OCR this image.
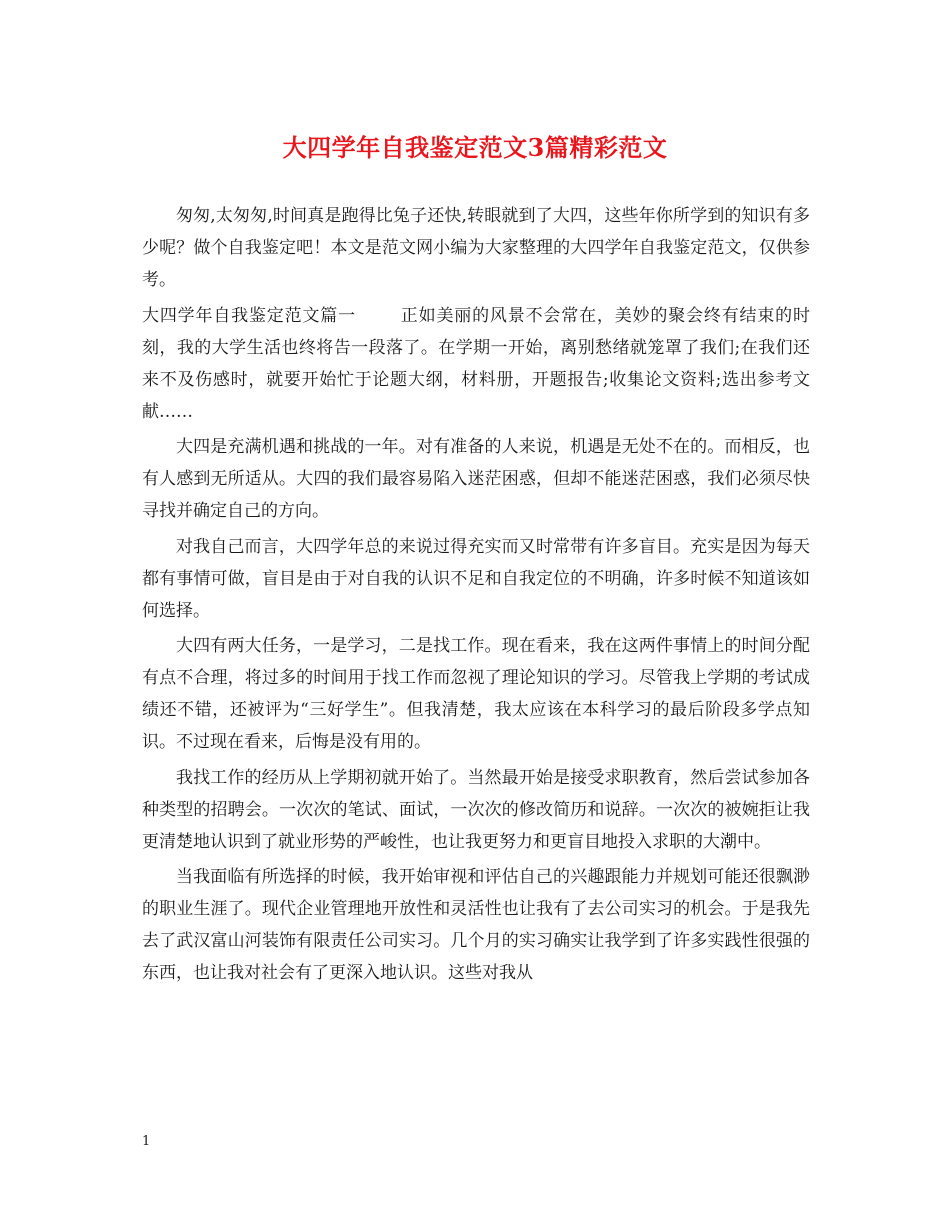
大四学年自我鉴定范文3篇精彩范文

匆匆,太匆匆,时间真是跑得比兔子还快,转眼就到了大四，这些年你所学到的知识有多少呢？做个自我鉴定吧！本文是范文网小编为大家整理的大四学年自我鉴定范文，仅供参考。

大四学年自我鉴定范文篇一	正如美丽的风景不会常在，美妙的聚会终有结束的时刻，我的大学生活也终将告一段落了。在学期一开始，离别愁绪就笼罩了我们;在我们还来不及伤感时，就要开始忙于论题大纲，材料册，开题报告;收集论文资料;选出参考文献……

大四是充满机遇和挑战的一年。对有准备的人来说，机遇是无处不在的。而相反，也有人感到无所适从。大四的我们最容易陷入迷茫困惑，但却不能迷茫困惑，我们必须尽快寻找并确定自己的方向。

对我自己而言，大四学年总的来说过得充实而又时常带有许多盲目。充实是因为每天都有事情可做，盲目是由于对自我的认识不足和自我定位的不明确，许多时候不知道该如何选择。

大四有两大任务，一是学习，二是找工作。现在看来，我在这两件事情上的时间分配有点不合理，将过多的时间用于找工作而忽视了理论知识的学习。尽管我上学期的考试成绩还不错，还被评为“三好学生”。但我清楚，我太应该在本科学习的最后阶段多学点知识。不过现在看来，后悔是没有用的。

我找工作的经历从上学期初就开始了。当然最开始是接受求职教育，然后尝试参加各种类型的招聘会。一次次的笔试、面试，一次次的修改简历和说辞。一次次的被婉拒让我更清楚地认识到了就业形势的严峻性，也让我更努力和更盲目地投入求职的大潮中。

当我面临有所选择的时候，我开始审视和评估自己的兴趣跟能力并规划可能还很飘渺的职业生涯了。现代企业管理地开放性和灵活性也让我有了去公司实习的机会。于是我先去了武汉富山河装饰有限责任公司实习。几个月的实习确实让我学到了许多实践性很强的东西，也让我对社会有了更深入地认识。这些对我从

1
